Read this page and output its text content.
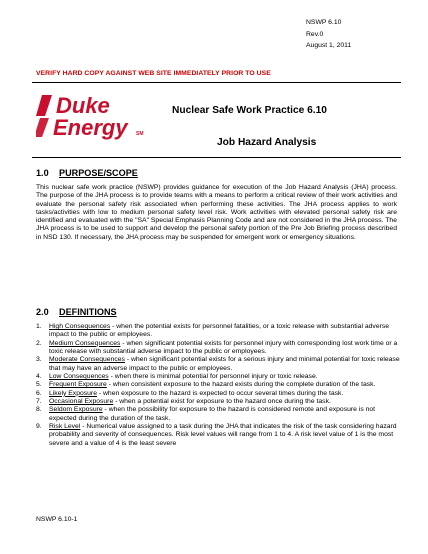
NSWP 6.10
Rev.0
August 1, 2011
VERIFY HARD COPY AGAINST WEB SITE IMMEDIATELY PRIOR TO USE
Duke
Energy	SM
Nuclear Safe Work Practice 6.10
Job Hazard Analysis
1.0 PURPOSE/SCOPE
This nuclear safe work practice (NSWP) provides guidance for execution of the Job Hazard Analysis (JHA) process. The purpose of the JHA process is to provide teams with a means to perform a critical review of their work activities and evaluate the personal safety risk associated when performing these activities. The JHA process applies to work tasks/activities with low to medium personal safety level risk. Work activities with elevated personal safety risk are identified and evaluated with the "SA" Special Emphasis Planning Code and are not considered in the JHA process. The JHA process is to be used to support and develop the personal safety portion of the Pre Job Briefing process described in NSD 130. If necessary, the JHA process may be suspended for emergent work or emergency situations.
2.0 DEFINITIONS
1. High Consequences - when the potential exists for personnel fatalities, or a toxic release with substantial adverse impact to the public or employees.
2. Medium Consequences - when significant potential exists for personnel injury with corresponding lost work time or a toxic release with substantial adverse impact to the public or employees.
3. Moderate Consequences - when significant potential exists for a serious injury and minimal potential for toxic release that may have an adverse impact to the public or employees.
4. Low Consequences - when there is minimal potential for personnel injury or toxic release.
5. Frequent Exposure - when consistent exposure to the hazard exists during the complete duration of the task.
6. Likely Exposure - when exposure to the hazard is expected to occur several times during the task.
7. Occasional Exposure - when a potential exist for exposure to the hazard once during the task.
8. Seldom Exposure - when the possibility for exposure to the hazard is considered remote and exposure is not expected during the duration of the task.
9. Risk Level - Numerical value assigned to a task during the JHA that indicates the risk of the task considering hazard probability and severity of consequences. Risk level values will range from 1 to 4. A risk level value of 1 is the most severe and a value of 4 is the least severe
NSWP 6.10-1
